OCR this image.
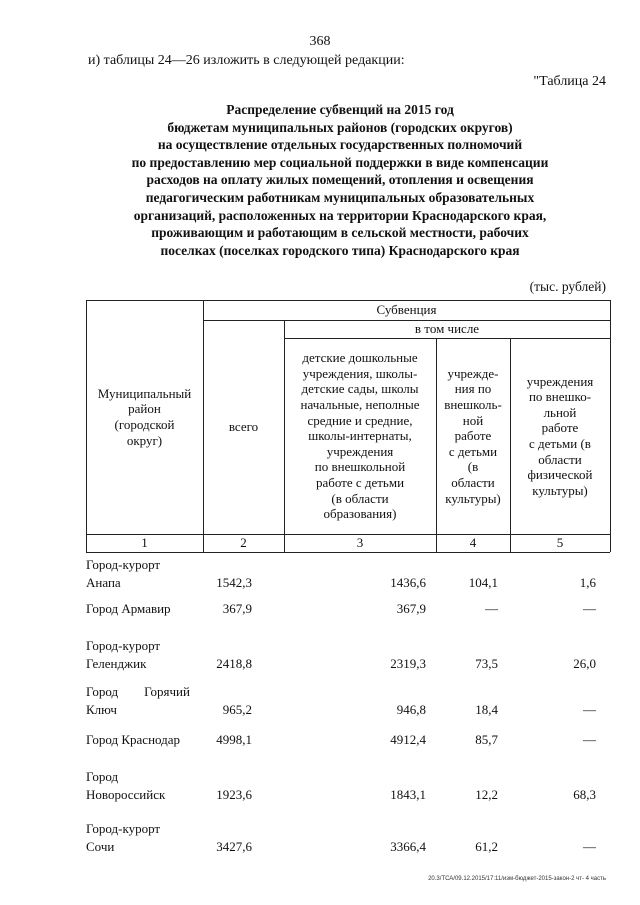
368
и) таблицы 24—26 изложить в следующей редакции:
"Таблица 24
Распределение субвенций на 2015 год
бюджетам муниципальных районов (городских округов)
на осуществление отдельных государственных полномочий
по предоставлению мер социальной поддержки в виде компенсации
расходов на оплату жилых помещений, отопления и освещения
педагогическим работникам муниципальных образовательных
организаций, расположенных на территории Краснодарского края,
проживающим и работающим в сельской местности, рабочих
поселках (поселках городского типа) Краснодарского края
(тыс. рублей)
Субвенция
в том числе
Муниципальный
район
(городской
округ)
всего
детские дошкольные
учреждения, школы-
детские сады, школы
начальные, неполные
средние и средние,
школы-интернаты,
учреждения
по внешкольной
работе с детьми
(в области
образования)
учрежде-
ния по
внешколь-
ной
работе
с детьми
(в
области
культуры)
учреждения
по внешко-
льной
работе
с детьми (в
области
физической
культуры)
1	2	3	4	5
Город-курорт
Анапа	1542,3	1436,6	104,1	1,6
Город Армавир	367,9	367,9	—	—
Город-курорт
Геленджик	2418,8	2319,3	73,5	26,0
Город        Горячий
Ключ	965,2	946,8	18,4	—
Город Краснодар	4998,1	4912,4	85,7	—
Город
Новороссийск	1923,6	1843,1	12,2	68,3
Город-курорт
Сочи	3427,6	3366,4	61,2	—
20.3/ТСА/09.12.2015/17:11/изм-бюджет-2015-закон-2 чт- 4 часть
